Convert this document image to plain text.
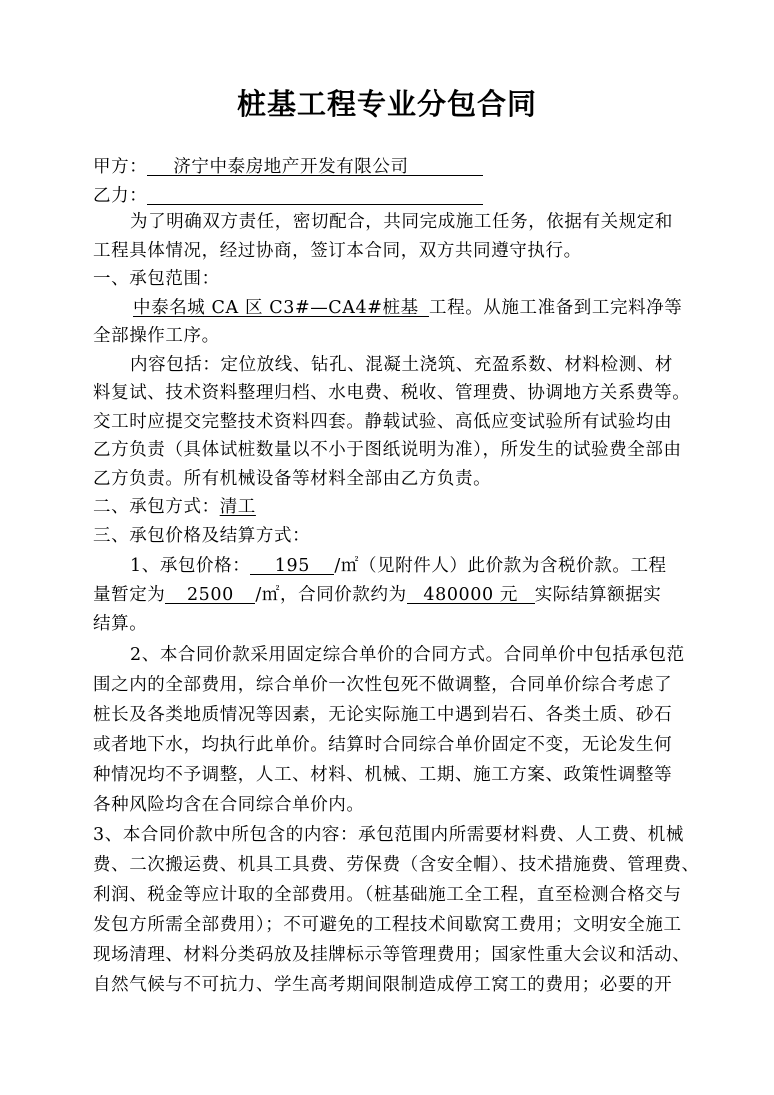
桩基工程专业分包合同
甲方： 济宁中泰房地产开发有限公司
乙力：
为了明确双方责任，密切配合，共同完成施工任务，依据有关规定和
工程具体情况，经过协商，签订本合同，双方共同遵守执行。
一、承包范围：
中泰名城 CA 区 C3#—CA4#桩基 工程。从施工准备到工完料净等
全部操作工序。
内容包括：定位放线、钻孔、混凝土浇筑、充盈系数、材料检测、材
料复试、技术资料整理归档、水电费、税收、管理费、协调地方关系费等。
交工时应提交完整技术资料四套。静载试验、高低应变试验所有试验均由
乙方负责（具体试桩数量以不小于图纸说明为准），所发生的试验费全部由
乙方负责。所有机械设备等材料全部由乙方负责。
二、承包方式：清工
三、承包价格及结算方式：
1、承包价格： 195 /㎡（见附件人）此价款为含税价款。工程
量暂定为 2500 /㎡，合同价款约为 480000 元 实际结算额据实
结算。
2、本合同价款采用固定综合单价的合同方式。合同单价中包括承包范
围之内的全部费用，综合单价一次性包死不做调整，合同单价综合考虑了
桩长及各类地质情况等因素，无论实际施工中遇到岩石、各类土质、砂石
或者地下水，均执行此单价。结算时合同综合单价固定不变，无论发生何
种情况均不予调整，人工、材料、机械、工期、施工方案、政策性调整等
各种风险均含在合同综合单价内。
3、本合同价款中所包含的内容：承包范围内所需要材料费、人工费、机械
费、二次搬运费、机具工具费、劳保费（含安全帽）、技术措施费、管理费、
利润、税金等应计取的全部费用。（桩基础施工全工程，直至检测合格交与
发包方所需全部费用）；不可避免的工程技术间歇窝工费用；文明安全施工
现场清理、材料分类码放及挂牌标示等管理费用；国家性重大会议和活动、
自然气候与不可抗力、学生高考期间限制造成停工窝工的费用；必要的开
